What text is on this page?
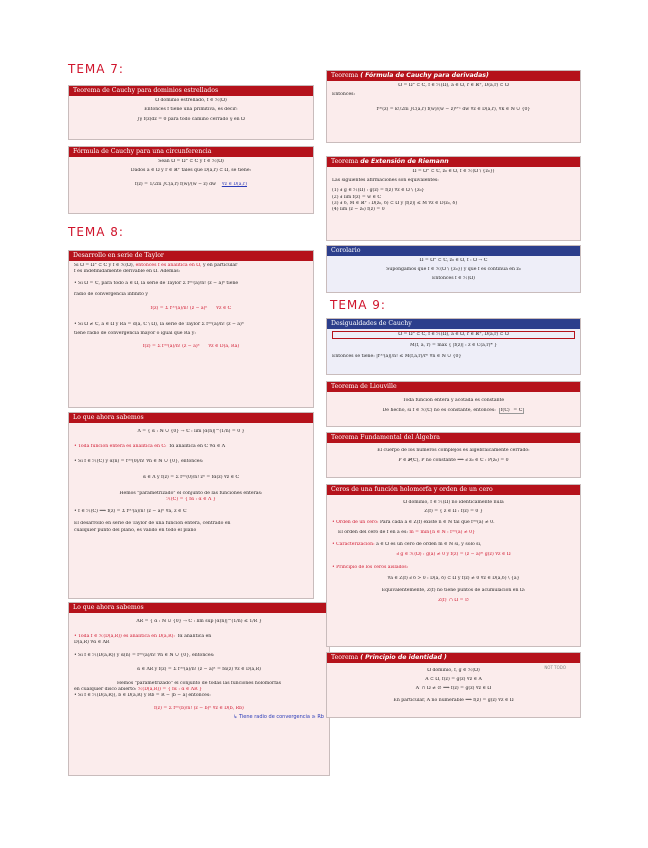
TEMA 7:
Teorema de Cauchy para dominios estrellados
Ω dominio estrellado, f ∈ ℋ(Ω)
Entonces f tiene una primitiva, es decir:
∫γ f(z)dz = 0 para todo camino cerrado γ en Ω
Fórmula de Cauchy para una circunferencia
Sean Ω = Ω° ⊂ ℂ y f ∈ ℋ(Ω)
Dados a ∈ Ω y r ∈ ℝ⁺ tales que D̄(a,r) ⊂ Ω, se tiene:
f(z) = 1/2πi ∫C(a,r) f(w)/(w − z) dw ∀z ∈ D(a,r)
TEMA 8:
Desarrollo en serie de Taylor
Si Ω = Ω° ⊂ ℂ y f ∈ ℋ(Ω), entonces f es analítica en Ω, y en particular
f es indefinidamente derivable en Ω. Además:
• Si Ω = ℂ, para todo a ∈ Ω, la serie de Taylor Σ f⁽ⁿ⁾(a)/n! (z − a)ⁿ tiene
radio de convergencia infinito y
f(z) = Σ f⁽ⁿ⁾(a)/n! (z − a)ⁿ ∀z ∈ ℂ
• Si Ω ≠ ℂ, a ∈ Ω y Ra = d(a, ℂ \ Ω), la serie de Taylor Σ f⁽ⁿ⁾(a)/n! (z − a)ⁿ
tiene radio de convergencia mayor o igual que Ra y:
f(z) = Σ f⁽ⁿ⁾(a)/n! (z − a)ⁿ ∀z ∈ D(a, Ra)
Lo que ahora sabemos
Λ = { α : ℕ ∪ {0} → ℂ : lím |α(n)|^(1/n) = 0 }
• Toda función entera es analítica en ℂ: fα analítica en ℂ ∀α ∈ Λ
• Si f ∈ ℋ(ℂ) y α(n) = f⁽ⁿ⁾(0)/n! ∀n ∈ ℕ ∪ {0}, entonces:
α ∈ Λ y f(z) = Σ f⁽ⁿ⁾(0)/n! zⁿ = fα(z) ∀z ∈ ℂ
Hemos "parametrizado" el conjunto de las funciones enteras:
ℋ(ℂ) = { fα : α ∈ Λ }
• f ∈ ℋ(ℂ) ⟹ f(z) = Σ f⁽ⁿ⁾(a)/n! (z − a)ⁿ ∀a, z ∈ ℂ
El desarrollo en serie de Taylor de una función entera, centrado en
cualquier punto del plano, es válido en todo el plano
Lo que ahora sabemos
ΛR = { α : ℕ ∪ {0} → ℂ : lím sup |α(n)|^(1/n) ≤ 1/R }
• Toda f ∈ ℋ(D(a,R)) es analítica en D(a,R): fα analítica en
D(a,R) ∀α ∈ ΛR
• Si f ∈ ℋ(D(a,R)) y α(n) = f⁽ⁿ⁾(a)/n! ∀n ∈ ℕ ∪ {0}, entonces:
α ∈ ΛR y f(z) = Σ f⁽ⁿ⁾(a)/n! (z − a)ⁿ = fα(z) ∀z ∈ D(a,R)
Hemos "parametrizado" el conjunto de todas las funciones holomorfas
en cualquier disco abierto: ℋ(D(a,R)) = { fα : α ∈ ΛR }
• Si f ∈ ℋ(D(a,R)), b ∈ D(a,R) y Rb = R − |b − a| entonces:
f(z) = Σ f⁽ⁿ⁾(b)/n! (z − b)ⁿ ∀z ∈ D(b, Rb)
↳ Tiene radio de convergencia ≥ Rb
Teorema ( Fórmula de Cauchy para derivadas)
Ω = Ω° ⊂ ℂ, f ∈ ℋ(Ω), a ∈ Ω, r ∈ ℝ⁺, D̄(a,r) ⊂ Ω
Entonces:
f⁽ᵏ⁾(z) = k!/2πi ∫C(a,r) f(w)/(w − z)ᵏ⁺¹ dw ∀z ∈ D(a,r), ∀k ∈ ℕ ∪ {0}
Teorema de Extensión de Riemann
Ω = Ω° ⊂ ℂ, z₀ ∈ Ω, f ∈ ℋ(Ω \ {z₀})
Las siguientes afirmaciones son equivalentes:
(1) ∃ g ∈ ℋ(Ω) : g(z) = f(z) ∀z ∈ Ω \ {z₀}
(2) ∃ lím f(z) = w ∈ ℂ
(3) ∃ δ, M ∈ ℝ⁺ : D(z₀, δ) ⊂ Ω y |f(z)| ≤ M ∀z ∈ D(z₀, δ)
(4) lím (z − z₀) f(z) = 0
Corolario
Ω = Ω° ⊂ ℂ, z₀ ∈ Ω, f : Ω → ℂ
Supongamos que f ∈ ℋ(Ω \ {z₀}) y que f es continua en z₀
Entonces f ∈ ℋ(Ω)
TEMA 9:
Desigualdades de Cauchy
Ω = Ω° ⊂ ℂ, f ∈ ℋ(Ω), a ∈ Ω, r ∈ ℝ⁺, D̄(a,r) ⊂ Ω
M(f, a, r) = máx { |f(z)| : z ∈ C(a,r)* }
Entonces se tiene: |f⁽ⁿ⁾(a)|/n! ≤ M(f,a,r)/rⁿ ∀n ∈ ℕ ∪ {0}
Teorema de Liouville
Toda función entera y acotada es constante
De hecho, si f ∈ ℋ(ℂ) no es constante, entonces: f(ℂ)‾ = ℂ
Teorema Fundamental del Álgebra
El cuerpo de los números complejos es algebraicamente cerrado:
P ∈ 𝒫(ℂ), P no constante ⟹ ∃ z₀ ∈ ℂ : P(z₀) = 0
Ceros de una función holomorfa y orden de un cero
Ω dominio, f ∈ ℋ(Ω) no idénticamente nula
Z(f) = { z ∈ Ω : f(z) = 0 }
• Orden de un cero: Para cada a ∈ Z(f) existe n ∈ ℕ tal que f⁽ⁿ⁾(a) ≠ 0.
El orden del cero de f en a es: m = mín{n ∈ ℕ : f⁽ⁿ⁾(a) ≠ 0}
• Caracterización: a ∈ Ω es un cero de orden m ∈ ℕ si, y sólo si,
∃ g ∈ ℋ(Ω) : g(a) ≠ 0 y f(z) = (z − a)ᵐ g(z) ∀z ∈ Ω
• Principio de los ceros aislados:
∀a ∈ Z(f) ∃ δ > 0 : D(a, δ) ⊂ Ω y f(z) ≠ 0 ∀z ∈ D(a,δ) \ {a}
Equivalentemente, Z(f) no tiene puntos de acumulación en Ω:
Z(f)′ ∩ Ω = ∅
Teorema ( Principio de identidad )
NOT TODO
Ω dominio, f, g ∈ ℋ(Ω)
A ⊂ Ω, f(z) = g(z) ∀z ∈ A
A′ ∩ Ω ≠ ∅ ⟹ f(z) = g(z) ∀z ∈ Ω
En particular, A no numerable ⟹ f(z) = g(z) ∀z ∈ Ω
